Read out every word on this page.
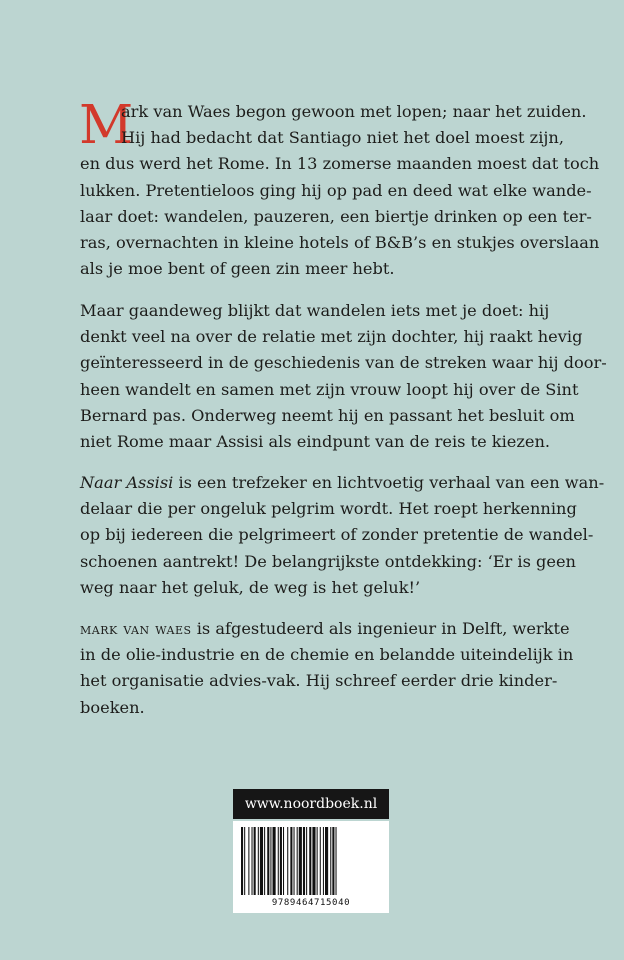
M
ark van Waes begon gewoon met lopen; naar het zuiden.
Hij had bedacht dat Santiago niet het doel moest zijn,
en dus werd het Rome. In 13 zomerse maanden moest dat toch
lukken. Pretentieloos ging hij op pad en deed wat elke wande-
laar doet: wandelen, pauzeren, een biertje drinken op een ter-
ras, overnachten in kleine hotels of B&B’s en stukjes overslaan
als je moe bent of geen zin meer hebt.
Maar gaandeweg blijkt dat wandelen iets met je doet: hij
denkt veel na over de relatie met zijn dochter, hij raakt hevig
geïnteresseerd in de geschiedenis van de streken waar hij door-
heen wandelt en samen met zijn vrouw loopt hij over de Sint
Bernard pas. Onderweg neemt hij en passant het besluit om
niet Rome maar Assisi als eindpunt van de reis te kiezen.
Naar Assisi is een trefzeker en lichtvoetig verhaal van een wan-
delaar die per ongeluk pelgrim wordt. Het roept herkenning
op bij iedereen die pelgrimeert of zonder pretentie de wandel-
schoenen aantrekt! De belangrijkste ontdekking: ‘Er is geen
weg naar het geluk, de weg is het geluk!’
mark van waes is afgestudeerd als ingenieur in Delft, werkte
in de olie-industrie en de chemie en belandde uiteindelijk in
het organisatie advies-vak. Hij schreef eerder drie kinder-
boeken.
www.noordboek.nl
9789464715040
